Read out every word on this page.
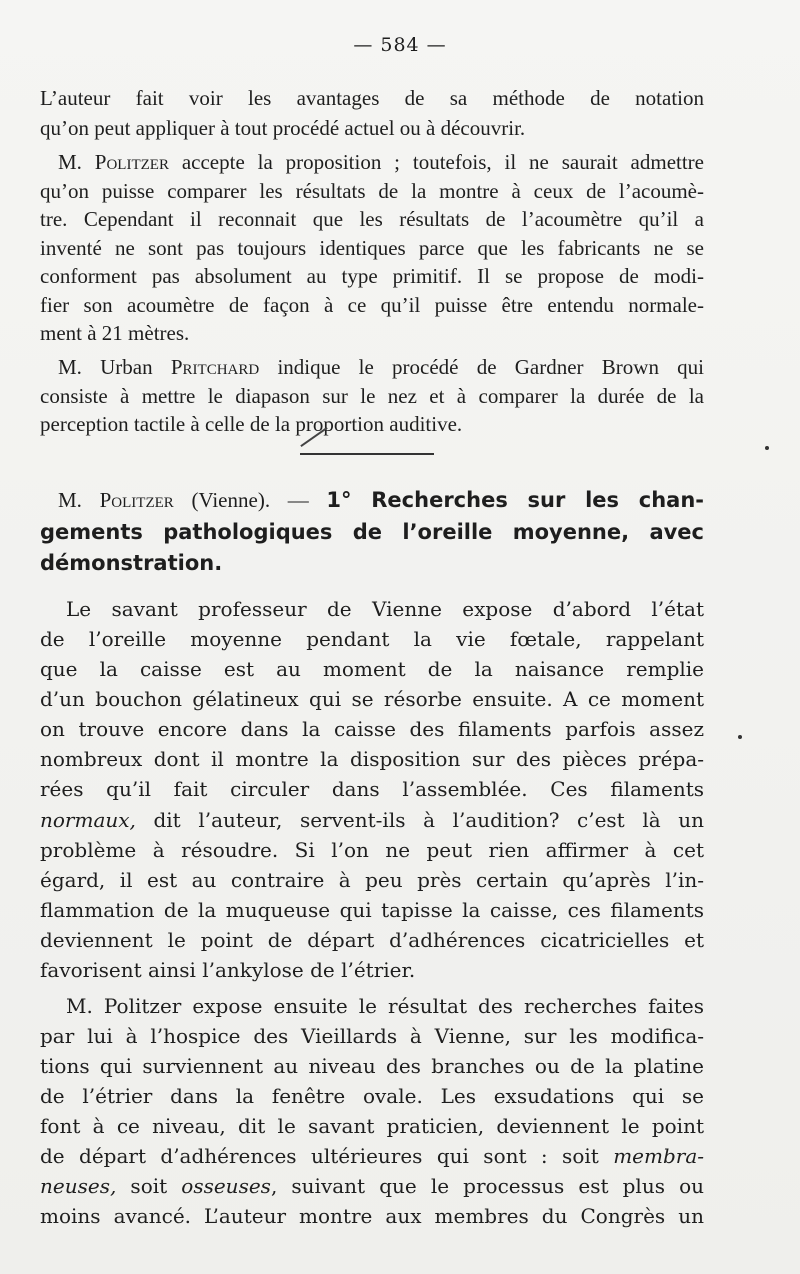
— 584 —
L’auteur fait voir les avantages de sa méthode de notation
qu’on peut appliquer à tout procédé actuel ou à découvrir.
M. Politzer accepte la proposition ; toutefois, il ne saurait admettre
qu’on puisse comparer les résultats de la montre à ceux de l’acoumè-
tre. Cependant il reconnait que les résultats de l’acoumètre qu’il a
inventé ne sont pas toujours identiques parce que les fabricants ne se
conforment pas absolument au type primitif. Il se propose de modi-
fier son acoumètre de façon à ce qu’il puisse être entendu normale-
ment à 21 mètres.
M. Urban Pritchard indique le procédé de Gardner Brown qui
consiste à mettre le diapason sur le nez et à comparer la durée de la
perception tactile à celle de la proportion auditive.
M. Politzer (Vienne). — 1° Recherches sur les chan-
gements pathologiques de l’oreille moyenne, avec
démonstration.
Le savant professeur de Vienne expose d’abord l’état
de l’oreille moyenne pendant la vie fœtale, rappelant
que la caisse est au moment de la naisance remplie
d’un bouchon gélatineux qui se résorbe ensuite. A ce moment
on trouve encore dans la caisse des filaments parfois assez
nombreux dont il montre la disposition sur des pièces prépa-
rées qu’il fait circuler dans l’assemblée. Ces filaments
normaux, dit l’auteur, servent-ils à l’audition? c’est là un
problème à résoudre. Si l’on ne peut rien affirmer à cet
égard, il est au contraire à peu près certain qu’après l’in-
flammation de la muqueuse qui tapisse la caisse, ces filaments
deviennent le point de départ d’adhérences cicatricielles et
favorisent ainsi l’ankylose de l’étrier.
M. Politzer expose ensuite le résultat des recherches faites
par lui à l’hospice des Vieillards à Vienne, sur les modifica-
tions qui surviennent au niveau des branches ou de la platine
de l’étrier dans la fenêtre ovale. Les exsudations qui se
font à ce niveau, dit le savant praticien, deviennent le point
de départ d’adhérences ultérieures qui sont : soit membra-
neuses, soit osseuses, suivant que le processus est plus ou
moins avancé. L’auteur montre aux membres du Congrès un
